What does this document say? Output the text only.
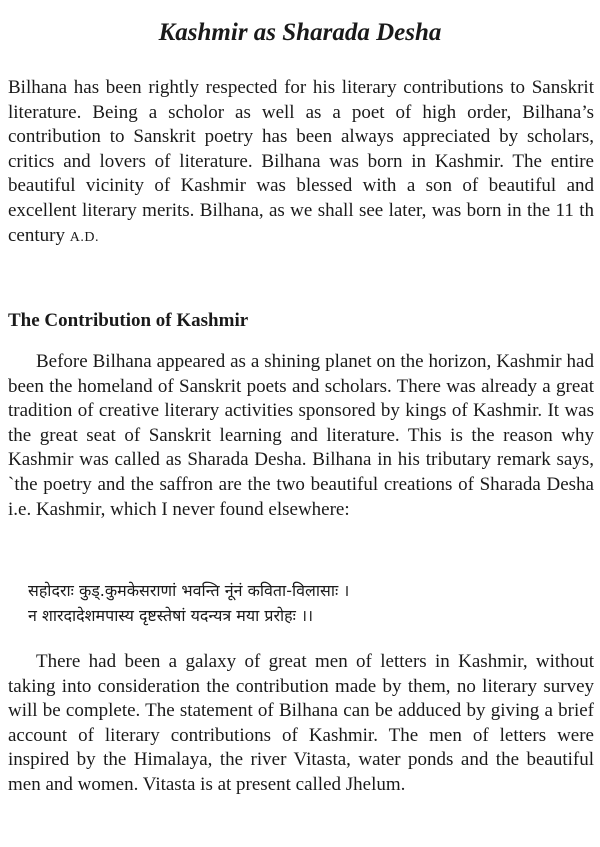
Kashmir as Sharada Desha

Bilhana has been rightly respected for his literary contributions to Sanskrit literature. Being a scholor as well as a poet of high order, Bilhana’s contribution to Sanskrit poetry has been always appreciated by scholars, critics and lovers of literature. Bilhana was born in Kashmir. The entire beautiful vicinity of Kashmir was blessed with a son of beautiful and excellent literary merits. Bilhana, as we shall see later, was born in the 11 th century A.D.

The Contribution of Kashmir

Before Bilhana appeared as a shining planet on the horizon, Kashmir had been the homeland of Sanskrit poets and scholars. There was already a great tradition of creative literary activities sponsored by kings of Kashmir. It was the great seat of Sanskrit learning and literature. This is the reason why Kashmir was called as Sharada Desha. Bilhana in his tributary remark says, `the poetry and the saffron are the two beautiful creations of Sharada Desha i.e. Kashmir, which I never found elsewhere:

सहोदराः कुड्.कुमकेसराणां भवन्ति नूंनं कविता-विलासाः ।
न शारदादेशमपास्य दृष्टस्तेषां यदन्यत्र मया प्ररोहः ।।

There had been a galaxy of great men of letters in Kashmir, without taking into consideration the contribution made by them, no literary survey will be complete. The statement of Bilhana can be adduced by giving a brief account of literary contributions of Kashmir. The men of letters were inspired by the Himalaya, the river Vitasta, water ponds and the beautiful men and women. Vitasta is at present called Jhelum.
